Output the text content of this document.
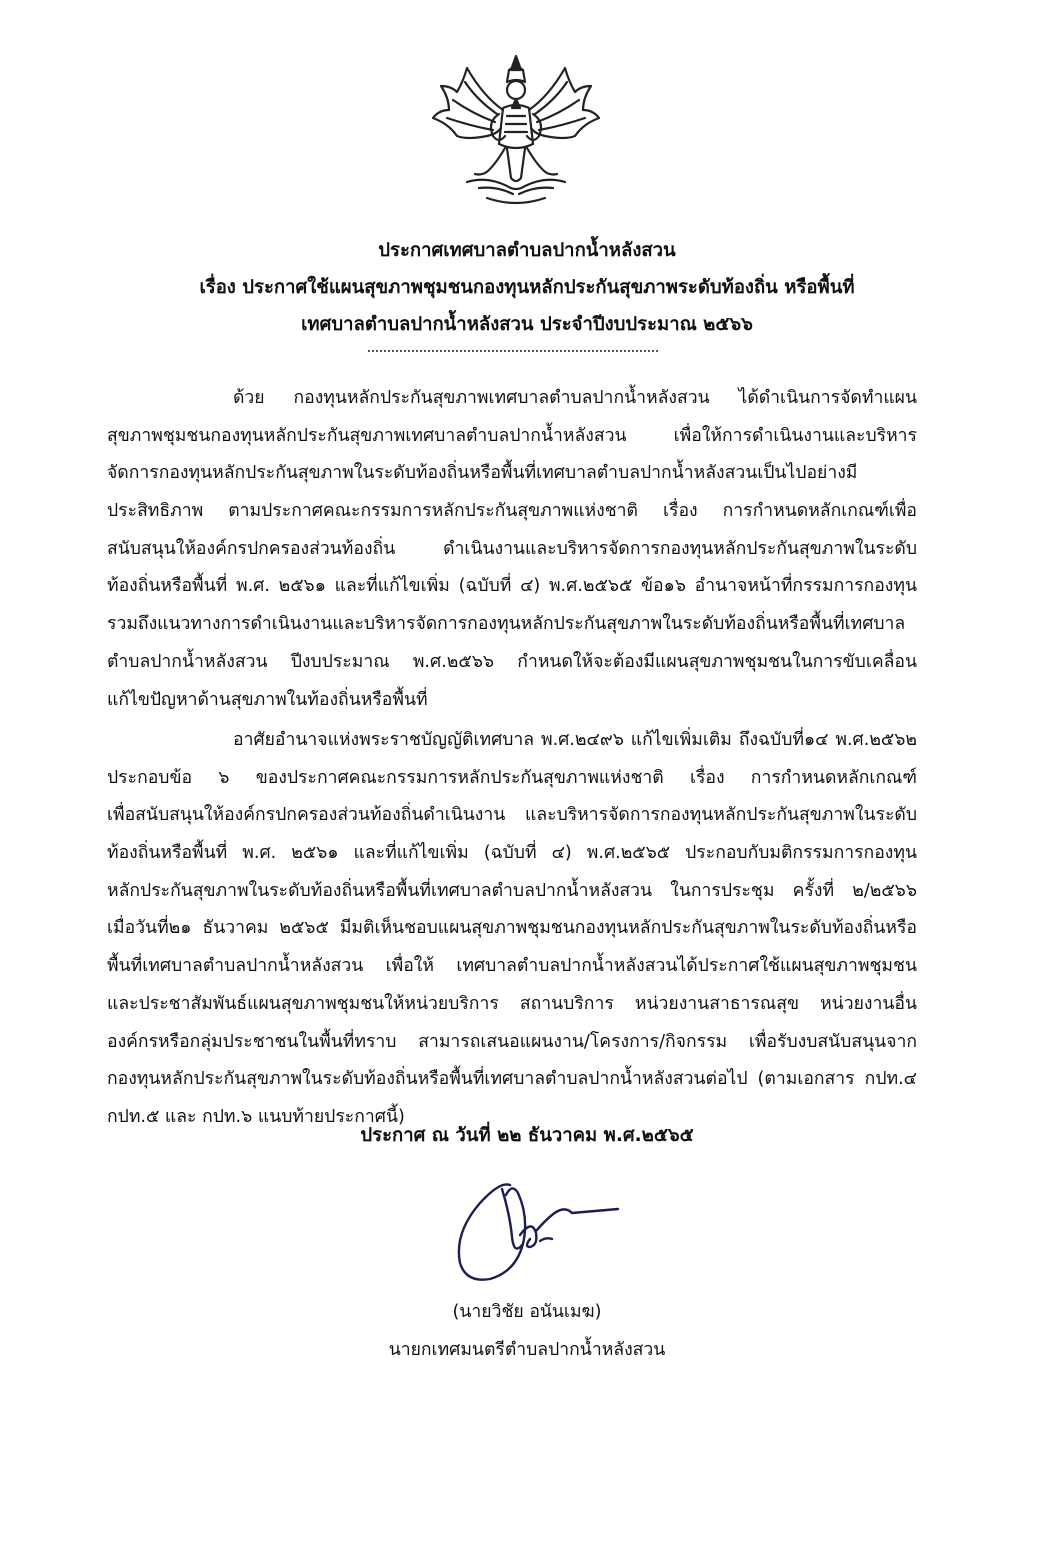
ประกาศเทศบาลตำบลปากน้ำหลังสวน
เรื่อง ประกาศใช้แผนสุขภาพชุมชนกองทุนหลักประกันสุขภาพระดับท้องถิ่น หรือพื้นที่
เทศบาลตำบลปากน้ำหลังสวน ประจำปีงบประมาณ ๒๕๖๖
ด้วย กองทุนหลักประกันสุขภาพเทศบาลตำบลปากน้ำหลังสวน ได้ดำเนินการจัดทำแผน
สุขภาพชุมชนกองทุนหลักประกันสุขภาพเทศบาลตำบลปากน้ำหลังสวน เพื่อให้การดำเนินงานและบริหาร
จัดการกองทุนหลักประกันสุขภาพในระดับท้องถิ่นหรือพื้นที่เทศบาลตำบลปากน้ำหลังสวนเป็นไปอย่างมี
ประสิทธิภาพ ตามประกาศคณะกรรมการหลักประกันสุขภาพแห่งชาติ เรื่อง การกำหนดหลักเกณฑ์เพื่อ
สนับสนุนให้องค์กรปกครองส่วนท้องถิ่น ดำเนินงานและบริหารจัดการกองทุนหลักประกันสุขภาพในระดับ
ท้องถิ่นหรือพื้นที่ พ.ศ. ๒๕๖๑ และที่แก้ไขเพิ่ม (ฉบับที่ ๔) พ.ศ.๒๕๖๕ ข้อ๑๖ อำนาจหน้าที่กรรมการกองทุน
รวมถึงแนวทางการดำเนินงานและบริหารจัดการกองทุนหลักประกันสุขภาพในระดับท้องถิ่นหรือพื้นที่เทศบาล
ตำบลปากน้ำหลังสวน ปีงบประมาณ พ.ศ.๒๕๖๖ กำหนดให้จะต้องมีแผนสุขภาพชุมชนในการขับเคลื่อน
แก้ไขปัญหาด้านสุขภาพในท้องถิ่นหรือพื้นที่
อาศัยอำนาจแห่งพระราชบัญญัติเทศบาล พ.ศ.๒๔๙๖ แก้ไขเพิ่มเติม ถึงฉบับที่๑๔ พ.ศ.๒๕๖๒
ประกอบข้อ ๖ ของประกาศคณะกรรมการหลักประกันสุขภาพแห่งชาติ เรื่อง การกำหนดหลักเกณฑ์
เพื่อสนับสนุนให้องค์กรปกครองส่วนท้องถิ่นดำเนินงาน และบริหารจัดการกองทุนหลักประกันสุขภาพในระดับ
ท้องถิ่นหรือพื้นที่ พ.ศ. ๒๕๖๑ และที่แก้ไขเพิ่ม (ฉบับที่ ๔) พ.ศ.๒๕๖๕ ประกอบกับมติกรรมการกองทุน
หลักประกันสุขภาพในระดับท้องถิ่นหรือพื้นที่เทศบาลตำบลปากน้ำหลังสวน ในการประชุม ครั้งที่ ๒/๒๕๖๖
เมื่อวันที่๒๑ ธันวาคม ๒๕๖๕ มีมติเห็นชอบแผนสุขภาพชุมชนกองทุนหลักประกันสุขภาพในระดับท้องถิ่นหรือ
พื้นที่เทศบาลตำบลปากน้ำหลังสวน เพื่อให้ เทศบาลตำบลปากน้ำหลังสวนได้ประกาศใช้แผนสุขภาพชุมชน
และประชาสัมพันธ์แผนสุขภาพชุมชนให้หน่วยบริการ สถานบริการ หน่วยงานสาธารณสุข หน่วยงานอื่น
องค์กรหรือกลุ่มประชาชนในพื้นที่ทราบ สามารถเสนอแผนงาน/โครงการ/กิจกรรม เพื่อรับงบสนับสนุนจาก
กองทุนหลักประกันสุขภาพในระดับท้องถิ่นหรือพื้นที่เทศบาลตำบลปากน้ำหลังสวนต่อไป (ตามเอกสาร กปท.๔
กปท.๕ และ กปท.๖ แนบท้ายประกาศนี้)
ประกาศ ณ วันที่ ๒๒ ธันวาคม พ.ศ.๒๕๖๕
(นายวิชัย อนันเมฆ)
นายกเทศมนตรีตำบลปากน้ำหลังสวน
